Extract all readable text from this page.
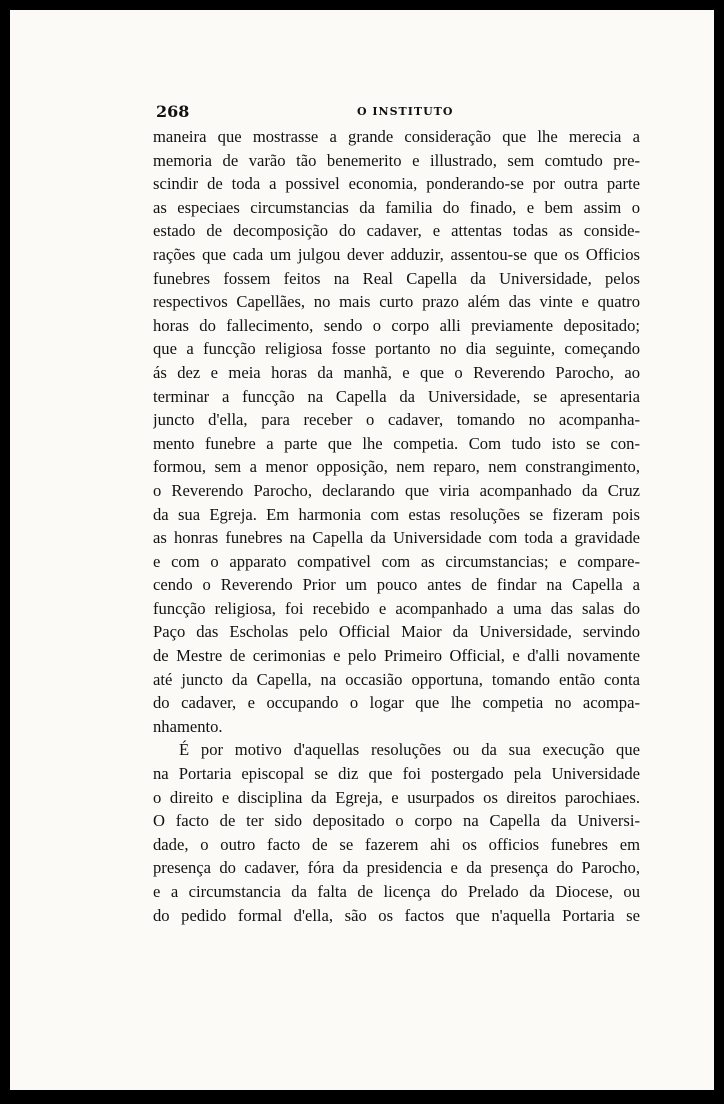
268	O INSTITUTO
maneira que mostrasse a grande consideração que lhe merecia a
memoria de varão tão benemerito e illustrado, sem comtudo pre-
scindir de toda a possivel economia, ponderando-se por outra parte
as especiaes circumstancias da familia do finado, e bem assim o
estado de decomposição do cadaver, e attentas todas as conside-
rações que cada um julgou dever adduzir, assentou-se que os Officios
funebres fossem feitos na Real Capella da Universidade, pelos
respectivos Capellães, no mais curto prazo além das vinte e quatro
horas do fallecimento, sendo o corpo alli previamente depositado;
que a funcção religiosa fosse portanto no dia seguinte, começando
ás dez e meia horas da manhã, e que o Reverendo Parocho, ao
terminar a funcção na Capella da Universidade, se apresentaria
juncto d'ella, para receber o cadaver, tomando no acompanha-
mento funebre a parte que lhe competia. Com tudo isto se con-
formou, sem a menor opposição, nem reparo, nem constrangimento,
o Reverendo Parocho, declarando que viria acompanhado da Cruz
da sua Egreja. Em harmonia com estas resoluções se fizeram pois
as honras funebres na Capella da Universidade com toda a gravidade
e com o apparato compativel com as circumstancias; e compare-
cendo o Reverendo Prior um pouco antes de findar na Capella a
funcção religiosa, foi recebido e acompanhado a uma das salas do
Paço das Escholas pelo Official Maior da Universidade, servindo
de Mestre de cerimonias e pelo Primeiro Official, e d'alli novamente
até juncto da Capella, na occasião opportuna, tomando então conta
do cadaver, e occupando o logar que lhe competia no acompa-
nhamento.
É por motivo d'aquellas resoluções ou da sua execução que
na Portaria episcopal se diz que foi postergado pela Universidade
o direito e disciplina da Egreja, e usurpados os direitos parochiaes.
O facto de ter sido depositado o corpo na Capella da Universi-
dade, o outro facto de se fazerem ahi os officios funebres em
presença do cadaver, fóra da presidencia e da presença do Parocho,
e a circumstancia da falta de licença do Prelado da Diocese, ou
do pedido formal d'ella, são os factos que n'aquella Portaria se
